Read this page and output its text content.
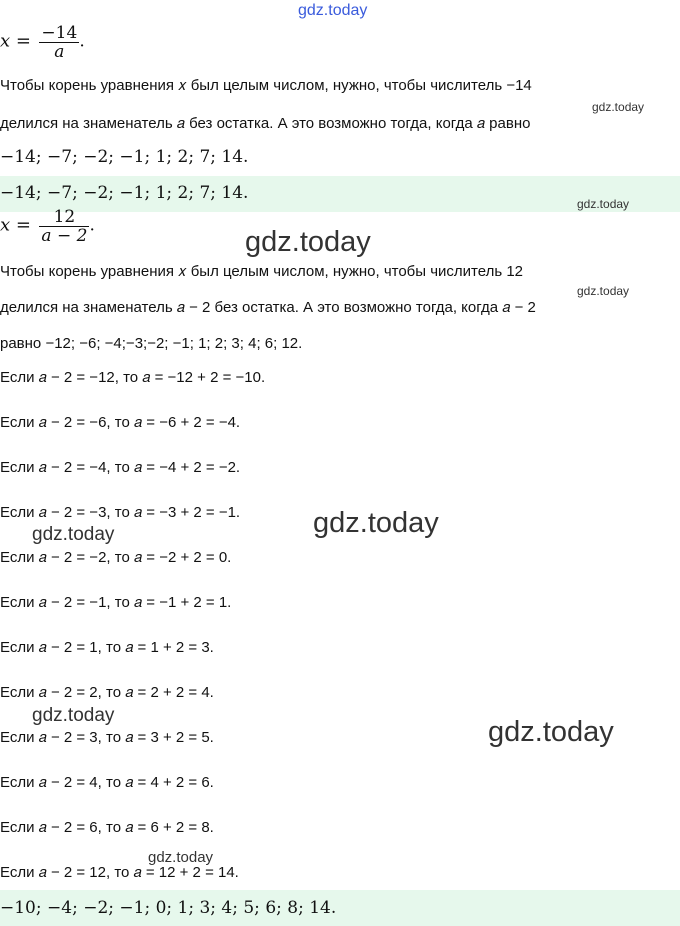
gdz.today
gdz.today
gdz.today
gdz.today
gdz.today
gdz.today
gdz.today
gdz.today
gdz.today
gdz.today
$x = \frac{-14}{a}$ .
Чтобы корень уравнения 𝑥 был целым числом, нужно, чтобы числитель −14
делился на знаменатель 𝑎 без остатка. А это возможно тогда, когда 𝑎 равно
−14; −7; −2; −1; 1; 2; 7; 14.
−14; −7; −2; −1; 1; 2; 7; 14.
$x = \frac{12}{a - 2}$ .
Чтобы корень уравнения 𝑥 был целым числом, нужно, чтобы числитель 12
делился на знаменатель 𝑎 − 2 без остатка. А это возможно тогда, когда 𝑎 − 2
равно −12; −6; −4;−3;−2; −1; 1; 2; 3; 4; 6; 12.
Если 𝑎 − 2 = −12, то 𝑎 = −12 + 2 = −10.
Если 𝑎 − 2 = −6, то 𝑎 = −6 + 2 = −4.
Если 𝑎 − 2 = −4, то 𝑎 = −4 + 2 = −2.
Если 𝑎 − 2 = −3, то 𝑎 = −3 + 2 = −1.
Если 𝑎 − 2 = −2, то 𝑎 = −2 + 2 = 0.
Если 𝑎 − 2 = −1, то 𝑎 = −1 + 2 = 1.
Если 𝑎 − 2 = 1, то 𝑎 = 1 + 2 = 3.
Если 𝑎 − 2 = 2, то 𝑎 = 2 + 2 = 4.
Если 𝑎 − 2 = 3, то 𝑎 = 3 + 2 = 5.
Если 𝑎 − 2 = 4, то 𝑎 = 4 + 2 = 6.
Если 𝑎 − 2 = 6, то 𝑎 = 6 + 2 = 8.
Если 𝑎 − 2 = 12, то 𝑎 = 12 + 2 = 14.
−10; −4; −2; −1; 0; 1; 3; 4; 5; 6; 8; 14.
